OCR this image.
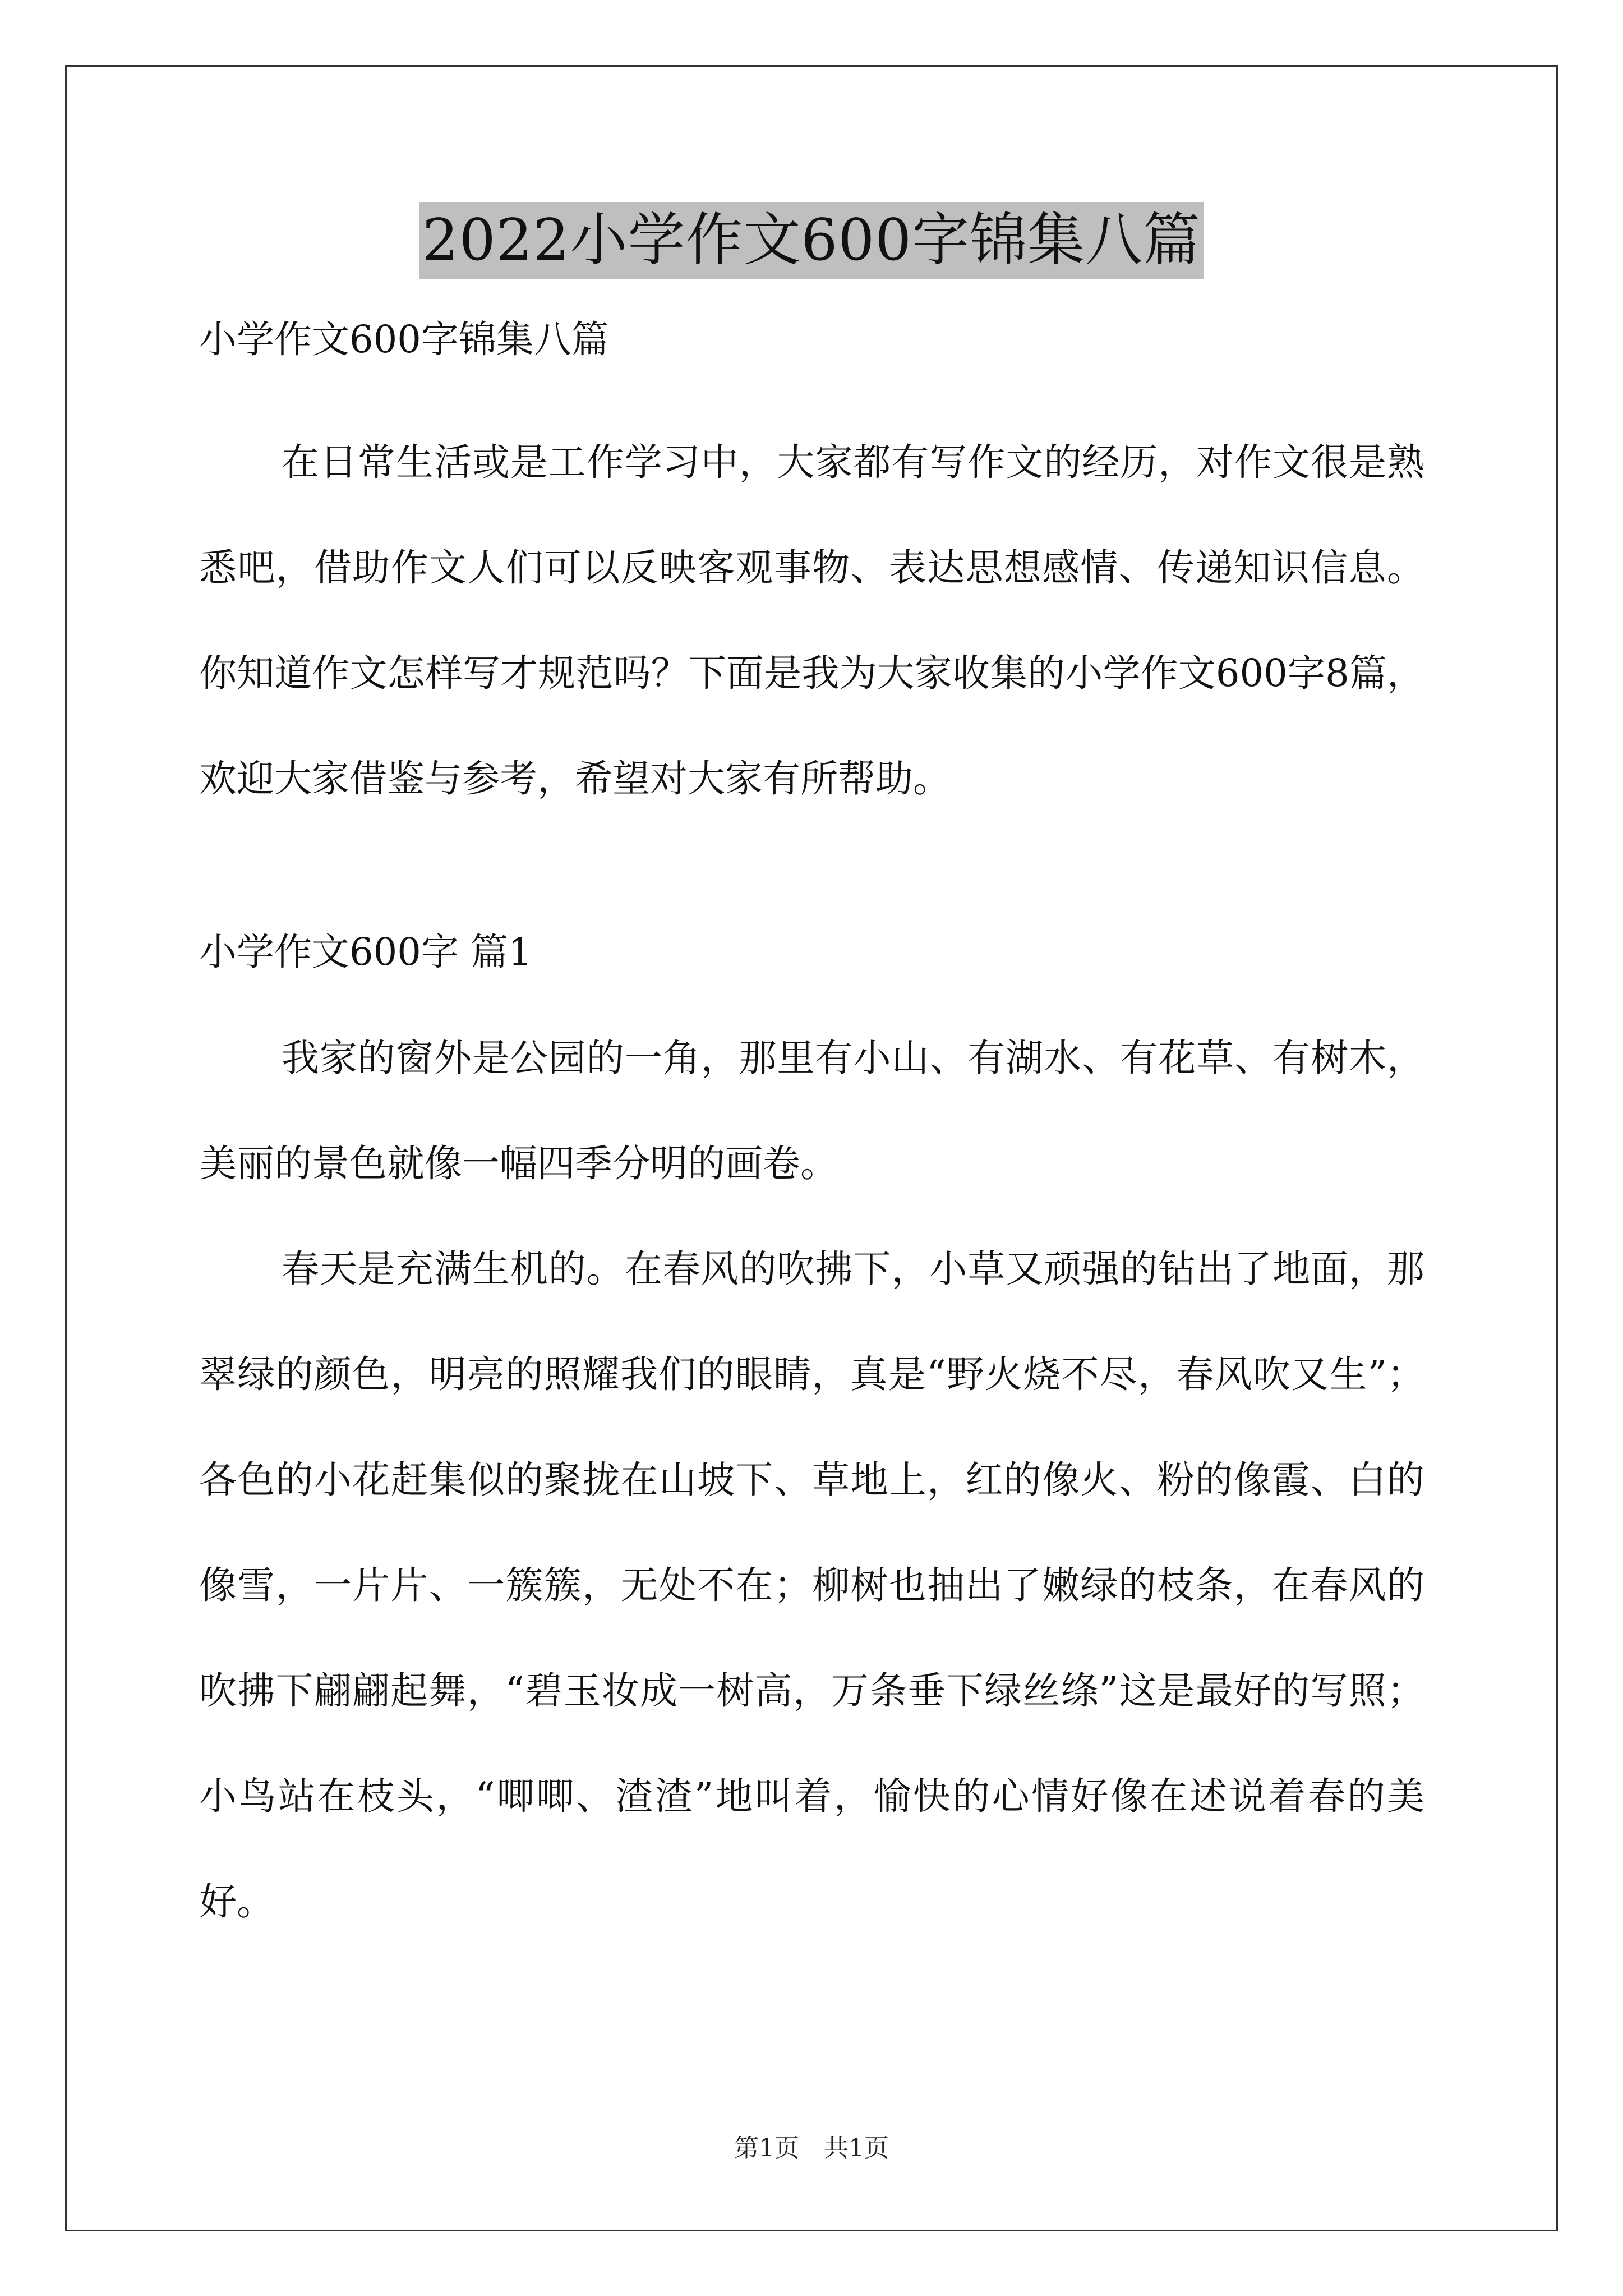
2022小学作文600字锦集八篇

小学作文600字锦集八篇

在日常生活或是工作学习中，大家都有写作文的经历，对作文很是熟悉吧，借助作文人们可以反映客观事物、表达思想感情、传递知识信息。你知道作文怎样写才规范吗？下面是我为大家收集的小学作文600字8篇，欢迎大家借鉴与参考，希望对大家有所帮助。

小学作文600字 篇1

我家的窗外是公园的一角，那里有小山、有湖水、有花草、有树木，美丽的景色就像一幅四季分明的画卷。

春天是充满生机的。在春风的吹拂下，小草又顽强的钻出了地面，那翠绿的颜色，明亮的照耀我们的眼睛，真是“野火烧不尽，春风吹又生”；各色的小花赶集似的聚拢在山坡下、草地上，红的像火、粉的像霞、白的像雪，一片片、一簇簇，无处不在；柳树也抽出了嫩绿的枝条，在春风的吹拂下翩翩起舞，“碧玉妆成一树高，万条垂下绿丝绦”这是最好的写照；小鸟站在枝头，“唧唧、渣渣”地叫着，愉快的心情好像在述说着春的美好。

第1页　共1页
